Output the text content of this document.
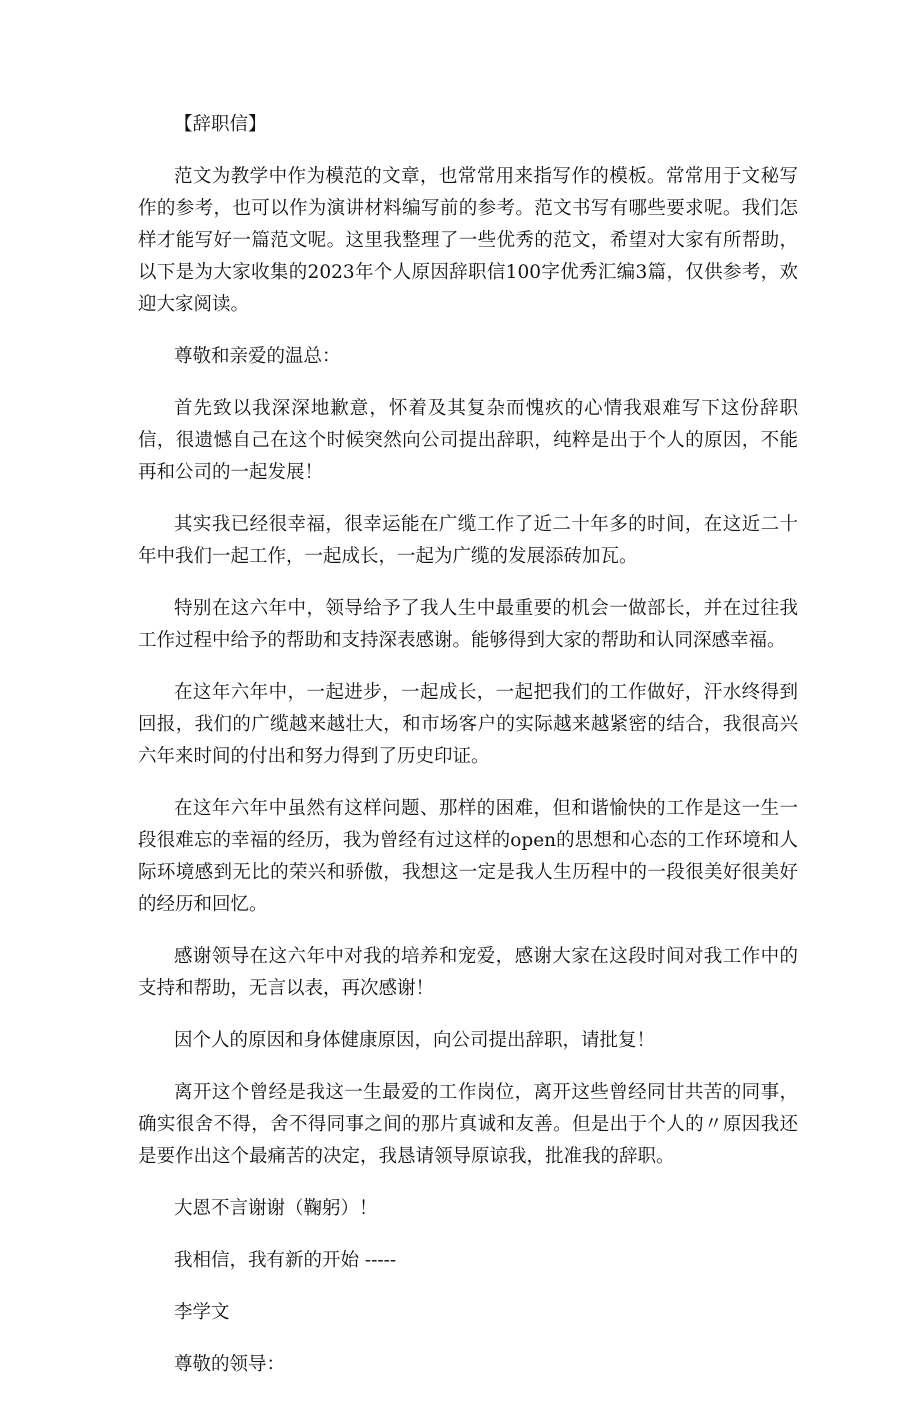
【辞职信】

范文为教学中作为模范的文章，也常常用来指写作的模板。常常用于文秘写作的参考，也可以作为演讲材料编写前的参考。范文书写有哪些要求呢。我们怎样才能写好一篇范文呢。这里我整理了一些优秀的范文，希望对大家有所帮助，以下是为大家收集的2023年个人原因辞职信100字优秀汇编3篇，仅供参考，欢迎大家阅读。

尊敬和亲爱的温总：

首先致以我深深地歉意，怀着及其复杂而愧疚的心情我艰难写下这份辞职信，很遗憾自己在这个时候突然向公司提出辞职，纯粹是出于个人的原因，不能再和公司的一起发展！

其实我已经很幸福，很幸运能在广缆工作了近二十年多的时间，在这近二十年中我们一起工作，一起成长，一起为广缆的发展添砖加瓦。

特别在这六年中，领导给予了我人生中最重要的机会一做部长，并在过往我工作过程中给予的帮助和支持深表感谢。能够得到大家的帮助和认同深感幸福。

在这年六年中，一起进步，一起成长，一起把我们的工作做好，汗水终得到回报，我们的广缆越来越壮大，和市场客户的实际越来越紧密的结合，我很高兴六年来时间的付出和努力得到了历史印证。

在这年六年中虽然有这样问题、那样的困难，但和谐愉快的工作是这一生一段很难忘的幸福的经历，我为曾经有过这样的open的思想和心态的工作环境和人际环境感到无比的荣兴和骄傲，我想这一定是我人生历程中的一段很美好很美好的经历和回忆。

感谢领导在这六年中对我的培养和宠爱，感谢大家在这段时间对我工作中的支持和帮助，无言以表，再次感谢！

因个人的原因和身体健康原因，向公司提出辞职，请批复！

离开这个曾经是我这一生最爱的工作岗位，离开这些曾经同甘共苦的同事，确实很舍不得，舍不得同事之间的那片真诚和友善。但是出于个人的〃原因我还是要作出这个最痛苦的决定，我恳请领导原谅我，批准我的辞职。

大恩不言谢谢（鞠躬）！

我相信，我有新的开始 -----

李学文

尊敬的领导：
